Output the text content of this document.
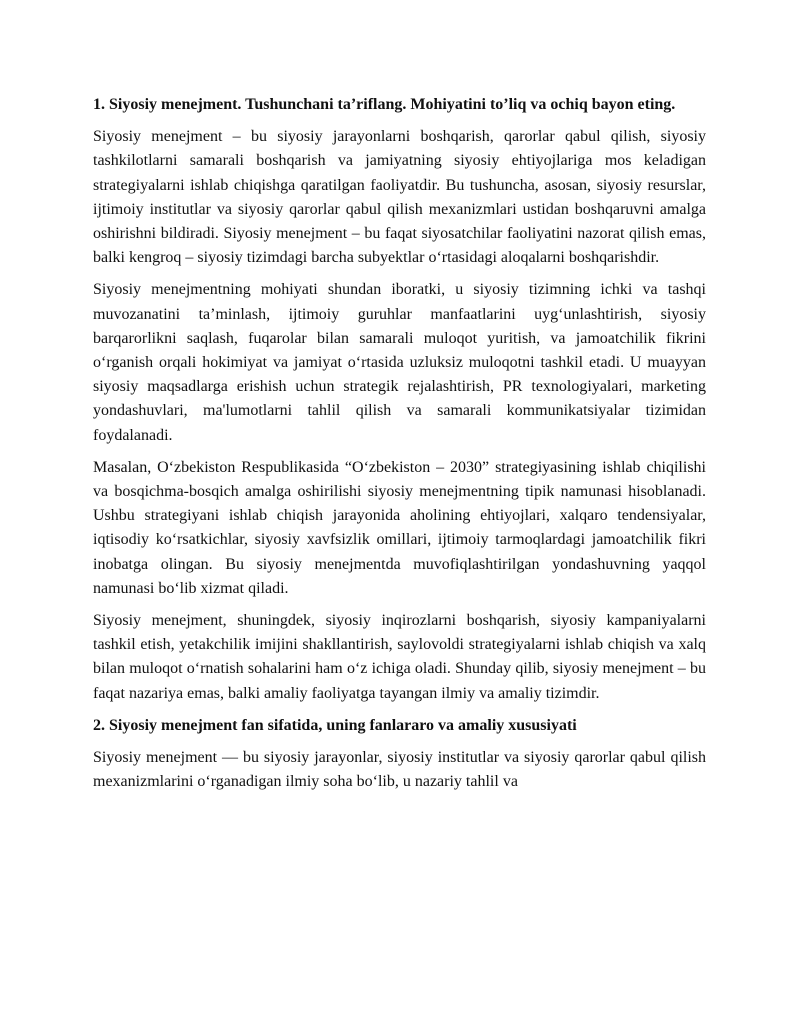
1. Siyosiy menejment. Tushunchani ta’riflang. Mohiyatini to’liq va ochiq bayon eting.

Siyosiy menejment – bu siyosiy jarayonlarni boshqarish, qarorlar qabul qilish, siyosiy tashkilotlarni samarali boshqarish va jamiyatning siyosiy ehtiyojlariga mos keladigan strategiyalarni ishlab chiqishga qaratilgan faoliyatdir. Bu tushuncha, asosan, siyosiy resurslar, ijtimoiy institutlar va siyosiy qarorlar qabul qilish mexanizmlari ustidan boshqaruvni amalga oshirishni bildiradi. Siyosiy menejment – bu faqat siyosatchilar faoliyatini nazorat qilish emas, balki kengroq – siyosiy tizimdagi barcha subyektlar o‘rtasidagi aloqalarni boshqarishdir.

Siyosiy menejmentning mohiyati shundan iboratki, u siyosiy tizimning ichki va tashqi muvozanatini ta’minlash, ijtimoiy guruhlar manfaatlarini uyg‘unlashtirish, siyosiy barqarorlikni saqlash, fuqarolar bilan samarali muloqot yuritish, va jamoatchilik fikrini o‘rganish orqali hokimiyat va jamiyat o‘rtasida uzluksiz muloqotni tashkil etadi. U muayyan siyosiy maqsadlarga erishish uchun strategik rejalashtirish, PR texnologiyalari, marketing yondashuvlari, ma'lumotlarni tahlil qilish va samarali kommunikatsiyalar tizimidan foydalanadi.

Masalan, O‘zbekiston Respublikasida “O‘zbekiston – 2030” strategiyasining ishlab chiqilishi va bosqichma-bosqich amalga oshirilishi siyosiy menejmentning tipik namunasi hisoblanadi. Ushbu strategiyani ishlab chiqish jarayonida aholining ehtiyojlari, xalqaro tendensiyalar, iqtisodiy ko‘rsatkichlar, siyosiy xavfsizlik omillari, ijtimoiy tarmoqlardagi jamoatchilik fikri inobatga olingan. Bu siyosiy menejmentda muvofiqlashtirilgan yondashuvning yaqqol namunasi bo‘lib xizmat qiladi.

Siyosiy menejment, shuningdek, siyosiy inqirozlarni boshqarish, siyosiy kampaniyalarni tashkil etish, yetakchilik imijini shakllantirish, saylovoldi strategiyalarni ishlab chiqish va xalq bilan muloqot o‘rnatish sohalarini ham o‘z ichiga oladi. Shunday qilib, siyosiy menejment – bu faqat nazariya emas, balki amaliy faoliyatga tayangan ilmiy va amaliy tizimdir.

2. Siyosiy menejment fan sifatida, uning fanlararo va amaliy xususiyati

Siyosiy menejment — bu siyosiy jarayonlar, siyosiy institutlar va siyosiy qarorlar qabul qilish mexanizmlarini o‘rganadigan ilmiy soha bo‘lib, u nazariy tahlil va
